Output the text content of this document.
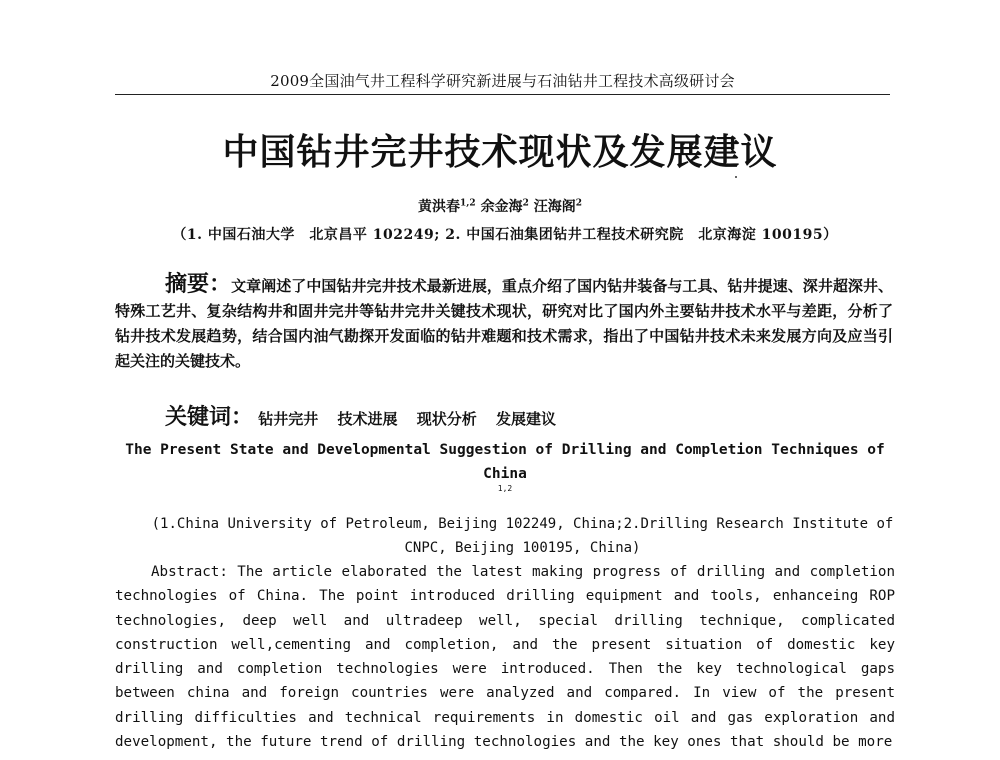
2009全国油气井工程科学研究新进展与石油钻井工程技术高级研讨会
中国钻井完井技术现状及发展建议
黄洪春$^{1,2}$ 余金海$^2$ 汪海阁$^2$
（1. 中国石油大学　北京昌平 102249; 2. 中国石油集团钻井工程技术研究院　北京海淀 100195）
摘要：文章阐述了中国钻井完井技术最新进展，重点介绍了国内钻井装备与工具、钻井提速、深井超深井、特殊工艺井、复杂结构井和固井完井等钻井完井关键技术现状，研究对比了国内外主要钻井技术水平与差距，分析了钻井技术发展趋势，结合国内油气勘探开发面临的钻井难题和技术需求，指出了中国钻井技术未来发展方向及应当引起关注的关键技术。
关键词： 钻井完井 技术进展 现状分析 发展建议
The Present State and Developmental Suggestion of Drilling and Completion Techniques of China
1,2
(1.China University of Petroleum, Beijing 102249, China;2.Drilling Research Institute of CNPC, Beijing 100195, China)
Abstract: The article elaborated the latest making progress of drilling and completion technologies of China. The point introduced drilling equipment and tools, enhanceing ROP technologies, deep well and ultradeep well, special drilling technique, complicated construction well,cementing and completion, and the present situation of domestic key drilling and completion technologies were introduced. Then the key technological gaps between china and foreign countries were analyzed and compared. In view of the present drilling difficulties and technical requirements in domestic oil and gas exploration and development, the future trend of drilling technologies and the key ones that should be more
